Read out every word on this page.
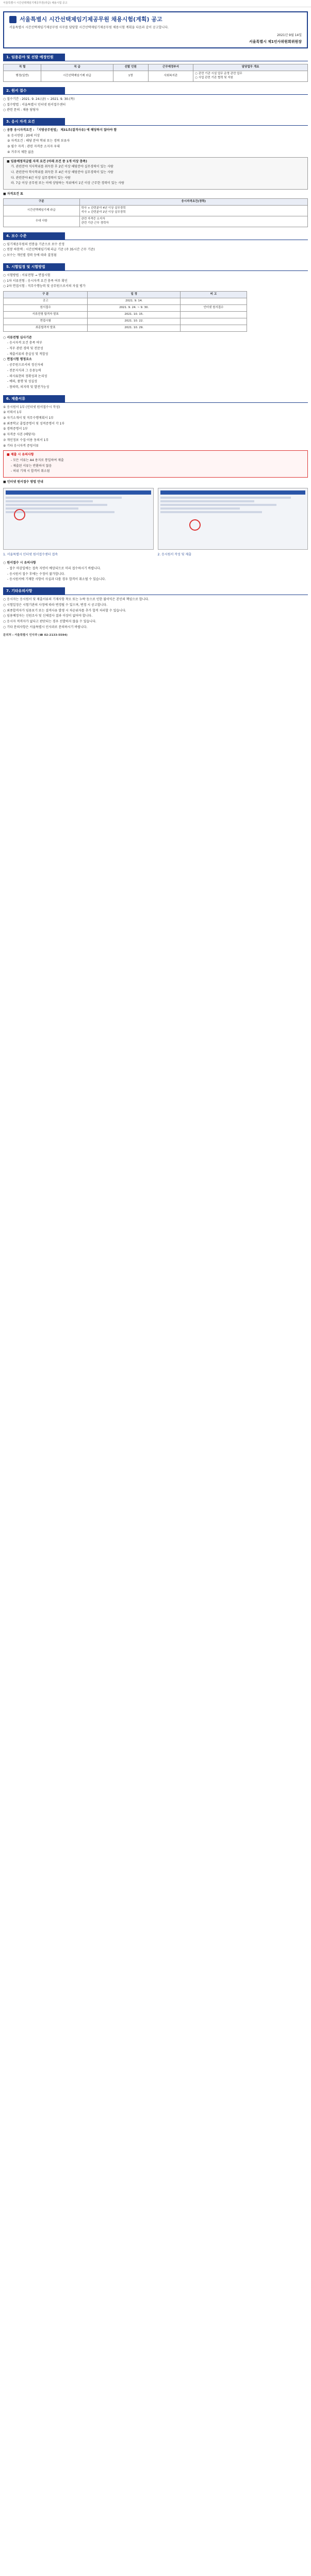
서울특별시 시간선택제임기제공무원(라급) 채용시험 공고
서울특별시 시간선택제임기제공무원 채용시험(계획) 공고
서울특별시 시간선택제임기제공무원 사무를 담당할 시간선택제임기제공무원 채용시험 계획을 다음과 같이 공고합니다.
2021년 9월 14일
서울특별시 제1인사위원회위원장
1. 임용분야 및 선발 예정인원
직 렬	직 급	선발 인원	근무예정부서	담당업무 개요
행정(일반)	시간선택제임기제 라급	1명	사회복지관	○ 관련 기관 시설 업무 운영 관련 업무
○ 사업 관련 기관 협력 및 지원
2. 원서 접수
○ 접수기간 : 2021. 9. 24.(금) ~ 2021. 9. 30.(목)
○ 접수방법 : 서울특별시 인터넷 원서접수센터
○ 관련 문의 : 채용 담당자
3. 응시 자격 요건
○ 공통 응시자격요건 : 「지방공무원법」 제31조(결격사유) 에 해당하지 않아야 함
① 응시연령 : 20세 이상
② 자격요건 : 해당 분야 학위 또는 경력 보유자
③ 필수 자격 : 관련 자격증 소지자 우대
④ 거주지 제한 없음
■ 임용예정직급별 자격 요건 (아래 조건 중 1개 이상 충족)
가. 관련분야 석사학위를 취득한 후 2년 이상 해당분야 실무경력이 있는 사람
나. 관련분야 학사학위를 취득한 후 4년 이상 해당분야 실무경력이 있는 사람
다. 관련분야 6년 이상 실무경력이 있는 사람
라. 7급 이상 공무원 또는 이에 상당하는 직위에서 1년 이상 근무한 경력이 있는 사람
■ 자격요건 표
구분	응시자격요건(경력)
시간선택제임기제 라급	학사 + 관련분야 4년 이상 실무경력
석사 + 관련분야 2년 이상 실무경력
우대 사항	관련 자격증 소지자
관련 기관 근무 경력자
4. 보수 수준
○ 임기제공무원의 연봉을 기준으로 보수 산정
○ 연봉 하한액 : 시간선택제임기제 라급 기준 (주 35시간 근무 기준)
○ 보수는 개인별 경력 등에 따라 결정됨
5. 시험일정 및 시험방법
○ 시험방법 : 서류전형 → 면접시험
○ 1차 서류전형 : 응시자격 요건 충족 여부 확인
○ 2차 면접시험 : 직무수행능력 및 공무원으로서의 자질 평가
구 분	일 정	비 고
공고	2021. 9. 14.	
원서접수	2021. 9. 24. ~ 9. 30.	인터넷 원서접수
서류전형 합격자 발표	2021. 10. 15.	
면접시험	2021. 10. 22.	
최종합격자 발표	2021. 10. 29.	
○ 서류전형 심사기준
- 응시자격 요건 충족 여부
- 직무 관련 경력 및 전문성
- 제출서류의 충실성 및 적합성
○ 면접시험 평정요소
- 공무원으로서의 정신자세
- 전문지식과 그 응용능력
- 의사표현의 정확성과 논리성
- 예의, 품행 및 성실성
- 창의력, 의지력 및 발전가능성
6. 제출서류
① 응시원서 1부 (인터넷 원서접수시 작성)
② 이력서 1부
③ 자기소개서 및 직무수행계획서 1부
④ 최종학교 졸업증명서 및 성적증명서 각 1부
⑤ 경력증명서 1부
⑥ 자격증 사본 (해당자)
⑦ 개인정보 수집·이용 동의서 1부
⑧ 기타 응시자격 증빙서류
■ 제출 시 유의사항
- 모든 서류는 A4 용지로 통일하여 제출
- 제출된 서류는 반환하지 않음
- 허위 기재 시 합격이 취소됨
■ 인터넷 원서접수 방법 안내
1. 서울특별시 인터넷 원서접수센터 접속	2. 응시원서 작성 및 제출
○ 원서접수 시 유의사항
- 접수 마감일에는 접속 지연이 예상되므로 미리 접수하시기 바랍니다.
- 응시원서 접수 후에는 수정이 불가합니다.
- 응시원서에 기재한 사항이 사실과 다를 경우 합격이 취소될 수 있습니다.
7. 기타유의사항
○ 응시자는 응시원서 및 제출서류의 기재사항 착오 또는 누락 등으로 인한 불이익은 본인의 책임으로 합니다.
○ 시험일정은 시험기관의 사정에 따라 변경될 수 있으며, 변경 시 공고합니다.
○ 최종합격자가 임용포기 또는 결격사유 발생 시 차순위자를 추가 합격 처리할 수 있습니다.
○ 임용예정자는 신원조사 및 신체검사 결과 이상이 없어야 합니다.
○ 응시자 적격자가 없다고 판단되는 경우 선발하지 않을 수 있습니다.
○ 기타 문의사항은 서울특별시 인사과로 문의하시기 바랍니다.
문의처 : 서울특별시 인사과 (☎ 02-2133-5594)
